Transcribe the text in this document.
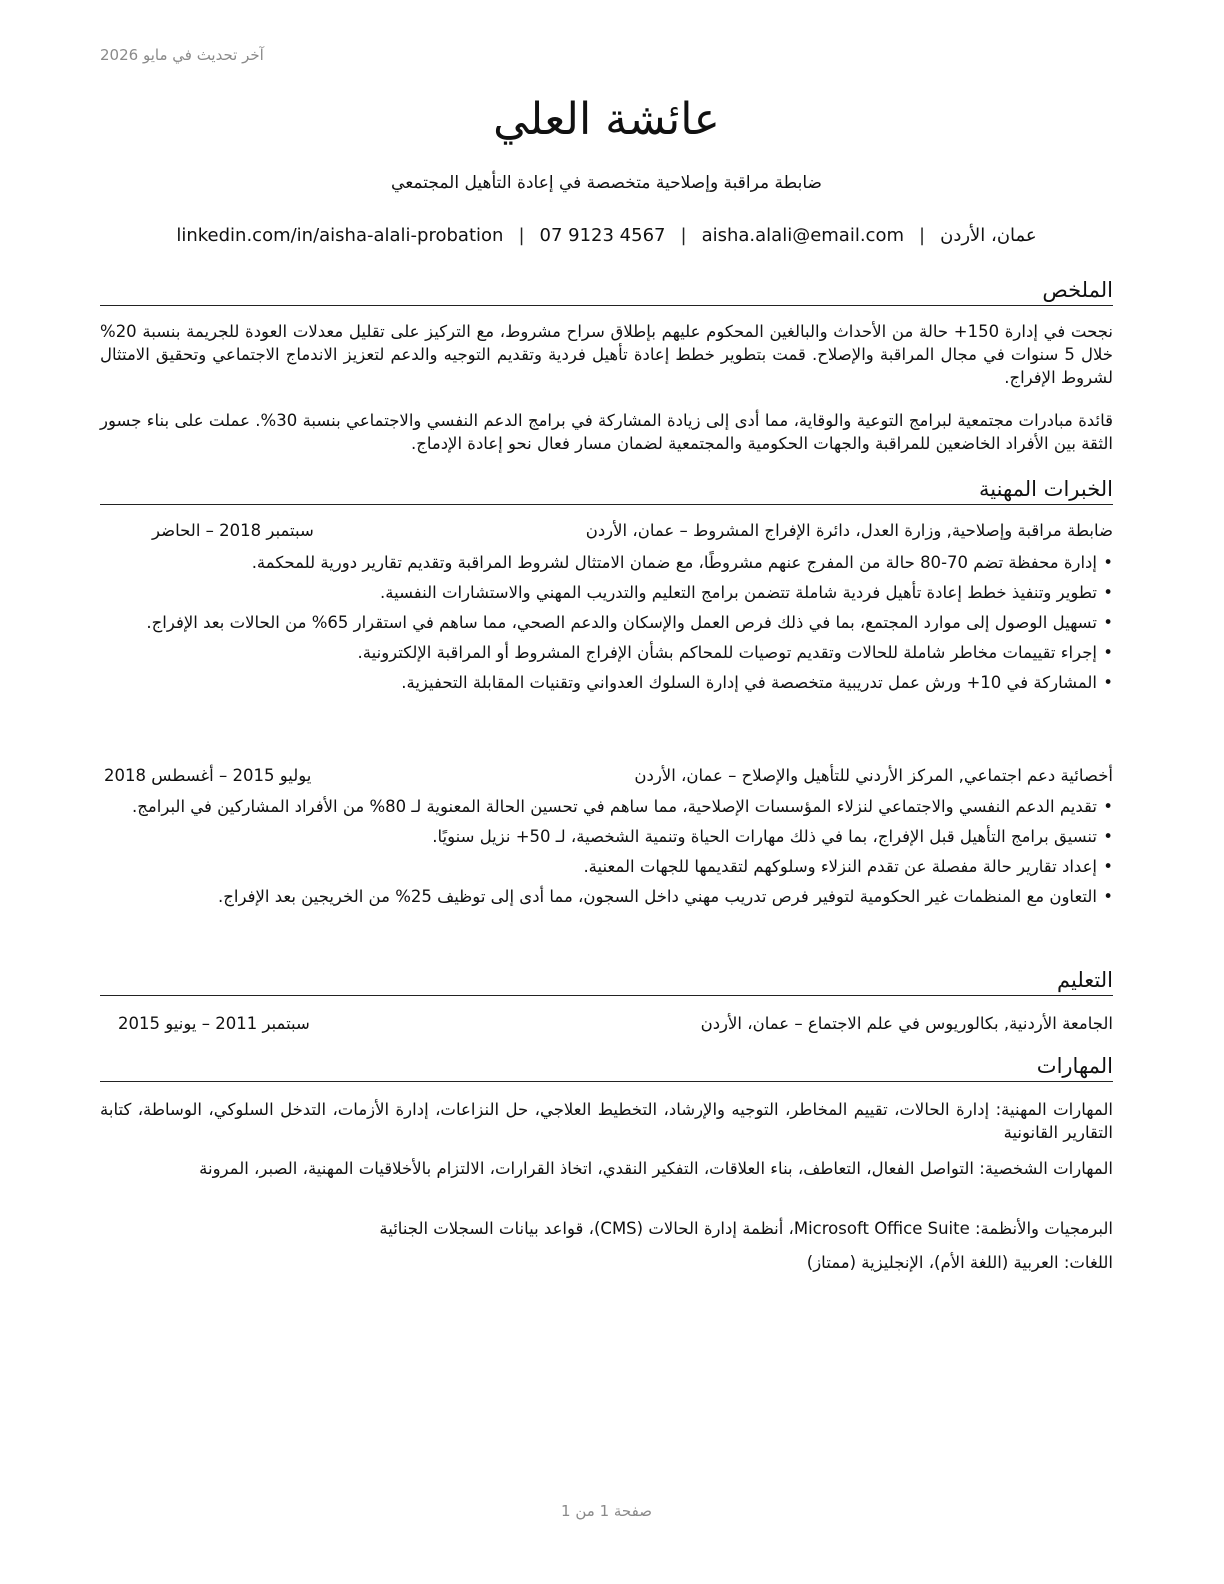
آخر تحديث في مايو 2026
عائشة العلي
ضابطة مراقبة وإصلاحية متخصصة في إعادة التأهيل المجتمعي
عمان، الأردن
|
aisha.alali@email.com
|
07 9123 4567
|
linkedin.com/in/aisha-alali-probation
الملخص

نجحت في إدارة 150+ حالة من الأحداث والبالغين المحكوم عليهم بإطلاق سراح مشروط، مع التركيز على تقليل معدلات العودة للجريمة بنسبة 20% خلال 5 سنوات في مجال المراقبة والإصلاح. قمت بتطوير خطط إعادة تأهيل فردية وتقديم التوجيه والدعم لتعزيز الاندماج الاجتماعي وتحقيق الامتثال لشروط الإفراج.

قائدة مبادرات مجتمعية لبرامج التوعية والوقاية، مما أدى إلى زيادة المشاركة في برامج الدعم النفسي والاجتماعي بنسبة 30%. عملت على بناء جسور الثقة بين الأفراد الخاضعين للمراقبة والجهات الحكومية والمجتمعية لضمان مسار فعال نحو إعادة الإدماج.

الخبرات المهنية
ضابطة مراقبة وإصلاحية, وزارة العدل، دائرة الإفراج المشروط – عمان، الأردن
سبتمبر 2018 – الحاضر
•
إدارة محفظة تضم 70-80 حالة من المفرج عنهم مشروطًا، مع ضمان الامتثال لشروط المراقبة وتقديم تقارير دورية للمحكمة.
•
تطوير وتنفيذ خطط إعادة تأهيل فردية شاملة تتضمن برامج التعليم والتدريب المهني والاستشارات النفسية.
•
تسهيل الوصول إلى موارد المجتمع، بما في ذلك فرص العمل والإسكان والدعم الصحي، مما ساهم في استقرار 65% من الحالات بعد الإفراج.
•
إجراء تقييمات مخاطر شاملة للحالات وتقديم توصيات للمحاكم بشأن الإفراج المشروط أو المراقبة الإلكترونية.
•
المشاركة في 10+ ورش عمل تدريبية متخصصة في إدارة السلوك العدواني وتقنيات المقابلة التحفيزية.
أخصائية دعم اجتماعي, المركز الأردني للتأهيل والإصلاح – عمان، الأردن
يوليو 2015 – أغسطس 2018
•
تقديم الدعم النفسي والاجتماعي لنزلاء المؤسسات الإصلاحية، مما ساهم في تحسين الحالة المعنوية لـ 80% من الأفراد المشاركين في البرامج.
•
تنسيق برامج التأهيل قبل الإفراج، بما في ذلك مهارات الحياة وتنمية الشخصية، لـ 50+ نزيل سنويًا.
•
إعداد تقارير حالة مفصلة عن تقدم النزلاء وسلوكهم لتقديمها للجهات المعنية.
•
التعاون مع المنظمات غير الحكومية لتوفير فرص تدريب مهني داخل السجون، مما أدى إلى توظيف 25% من الخريجين بعد الإفراج.
التعليم
الجامعة الأردنية, بكالوريوس في علم الاجتماع – عمان، الأردن
سبتمبر 2011 – يونيو 2015
المهارات

المهارات المهنية: إدارة الحالات، تقييم المخاطر، التوجيه والإرشاد، التخطيط العلاجي، حل النزاعات، إدارة الأزمات، التدخل السلوكي، الوساطة، كتابة التقارير القانونية

المهارات الشخصية: التواصل الفعال، التعاطف، بناء العلاقات، التفكير النقدي، اتخاذ القرارات، الالتزام بالأخلاقيات المهنية، الصبر، المرونة

البرمجيات والأنظمة: Microsoft Office Suite، أنظمة إدارة الحالات (CMS)، قواعد بيانات السجلات الجنائية

اللغات: العربية (اللغة الأم)، الإنجليزية (ممتاز)

صفحة 1 من 1
